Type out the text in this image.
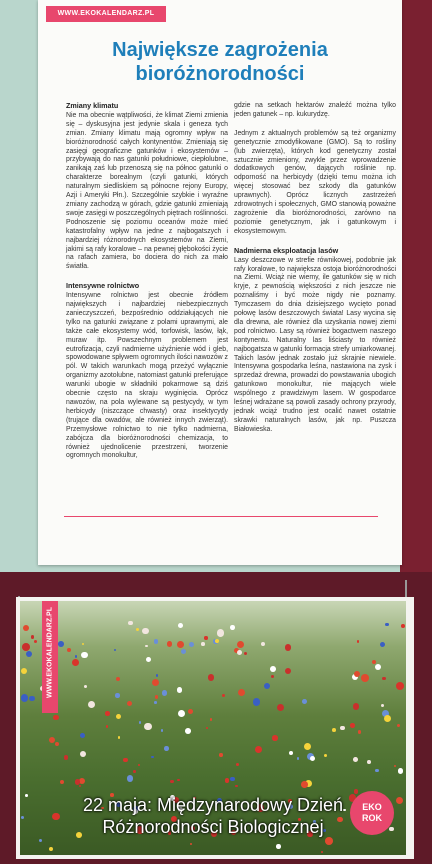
WWW.EKOKALENDARZ.PL
Największe zagrożenia
bioróżnorodności
Zmiany klimatu

Nie ma obecnie wątpliwości, że klimat Ziemi zmienia się – dyskusyjna jest jedynie skala i geneza tych zmian. Zmiany klimatu mają ogromny wpływ na bioróżnorodność całych kontynentów. Zmieniają się zasięgi geograficzne gatunków i ekosystemów – przybywają do nas gatunki południowe, ciepłolubne, zanikają zaś lub przenoszą się na północ gatunki o charakterze borealnym (czyli gatunki, których naturalnym siedliskiem są północne rejony Europy, Azji i Ameryki Płn.). Szczególnie szybkie i wyraźne zmiany zachodzą w górach, gdzie gatunki zmieniają swoje zasięgi w poszczególnych piętrach roślinności. Podnoszenie się poziomu oceanów może mieć katastrofalny wpływ na jedne z najbogatszych i najbardziej różnorodnych ekosystemów na Ziemi, jakimi są rafy koralowe – na pewnej głębokości życie na rafach zamiera, bo dociera do nich za mało światła.

Intensywne rolnictwo

Intensywne rolnictwo jest obecnie źródłem największych i najbardziej niebezpiecznych zanieczyszczeń, bezpośrednio oddziałujących nie tylko na gatunki związane z polami uprawnymi, ale także całe ekosystemy wód, torfowisk, lasów, łąk, muraw itp. Powszechnym problemem jest eutrofizacja, czyli nadmierne użyźnienie wód i gleb, spowodowane spływem ogromnych ilości nawozów z pól. W takich warunkach mogą przeżyć wyłącznie organizmy azotolubne, natomiast gatunki preferujące warunki ubogie w składniki pokarmowe są dziś obecnie często na skraju wyginięcia. Oprócz nawozów, na pola wylewane są pestycydy, w tym herbicydy (niszczące chwasty) oraz insektycydy (trujące dla owadów, ale również innych zwierząt). Przemysłowe rolnictwo to nie tylko nadmierna, zabójcza dla bioróżnorodności chemizacja, to również ujednolicenie przestrzeni, tworzenie ogromnych monokultur,

gdzie na setkach hektarów znaleźć można tylko jeden gatunek – np. kukurydzę.

Jednym z aktualnych problemów są też organizmy genetycznie zmodyfikowane (GMO). Są to rośliny (lub zwierzęta), których kod genetyczny został sztucznie zmieniony, zwykle przez wprowadzenie dodatkowych genów, dających roślinie np. odporność na herbicydy (dzięki temu można ich więcej stosować bez szkody dla gatunków uprawnych). Oprócz licznych zastrzeżeń zdrowotnych i społecznych, GMO stanowią poważne zagrożenie dla bioróżnorodności, zarówno na poziomie genetycznym, jak i gatunkowym i ekosystemowym.

Nadmierna eksploatacja lasów

Lasy deszczowe w strefie równikowej, podobnie jak rafy koralowe, to największa ostoja bioróżnorodności na Ziemi. Wciąż nie wiemy, ile gatunków się w nich kryje, z pewnością większości z nich jeszcze nie poznaliśmy i być może nigdy nie poznamy. Tymczasem do dnia dzisiejszego wycięto ponad połowę lasów deszczowych świata! Lasy wycina się dla drewna, ale również dla uzyskania nowej ziemi pod rolnictwo. Lasy są również bogactwem naszego kontynentu. Naturalny las liściasty to również najbogatsza w gatunki formacja strefy umiarkowanej. Takich lasów jednak zostało już skrajnie niewiele. Intensywna gospodarka leśna, nastawiona na zysk i sprzedaż drewna, prowadzi do powstawania ubogich gatunkowo monokultur, nie mających wiele wspólnego z prawdziwym lasem. W gospodarce leśnej wdrażane są powoli zasady ochrony przyrody, jednak wciąż trudno jest ocalić nawet ostatnie skrawki naturalnych lasów, jak np. Puszcza Białowieska.

WWW.EKOKALENDARZ.PL
22 maja: Międzynarodowy Dzień
Różnorodności Biologicznej
EKO
ROK
